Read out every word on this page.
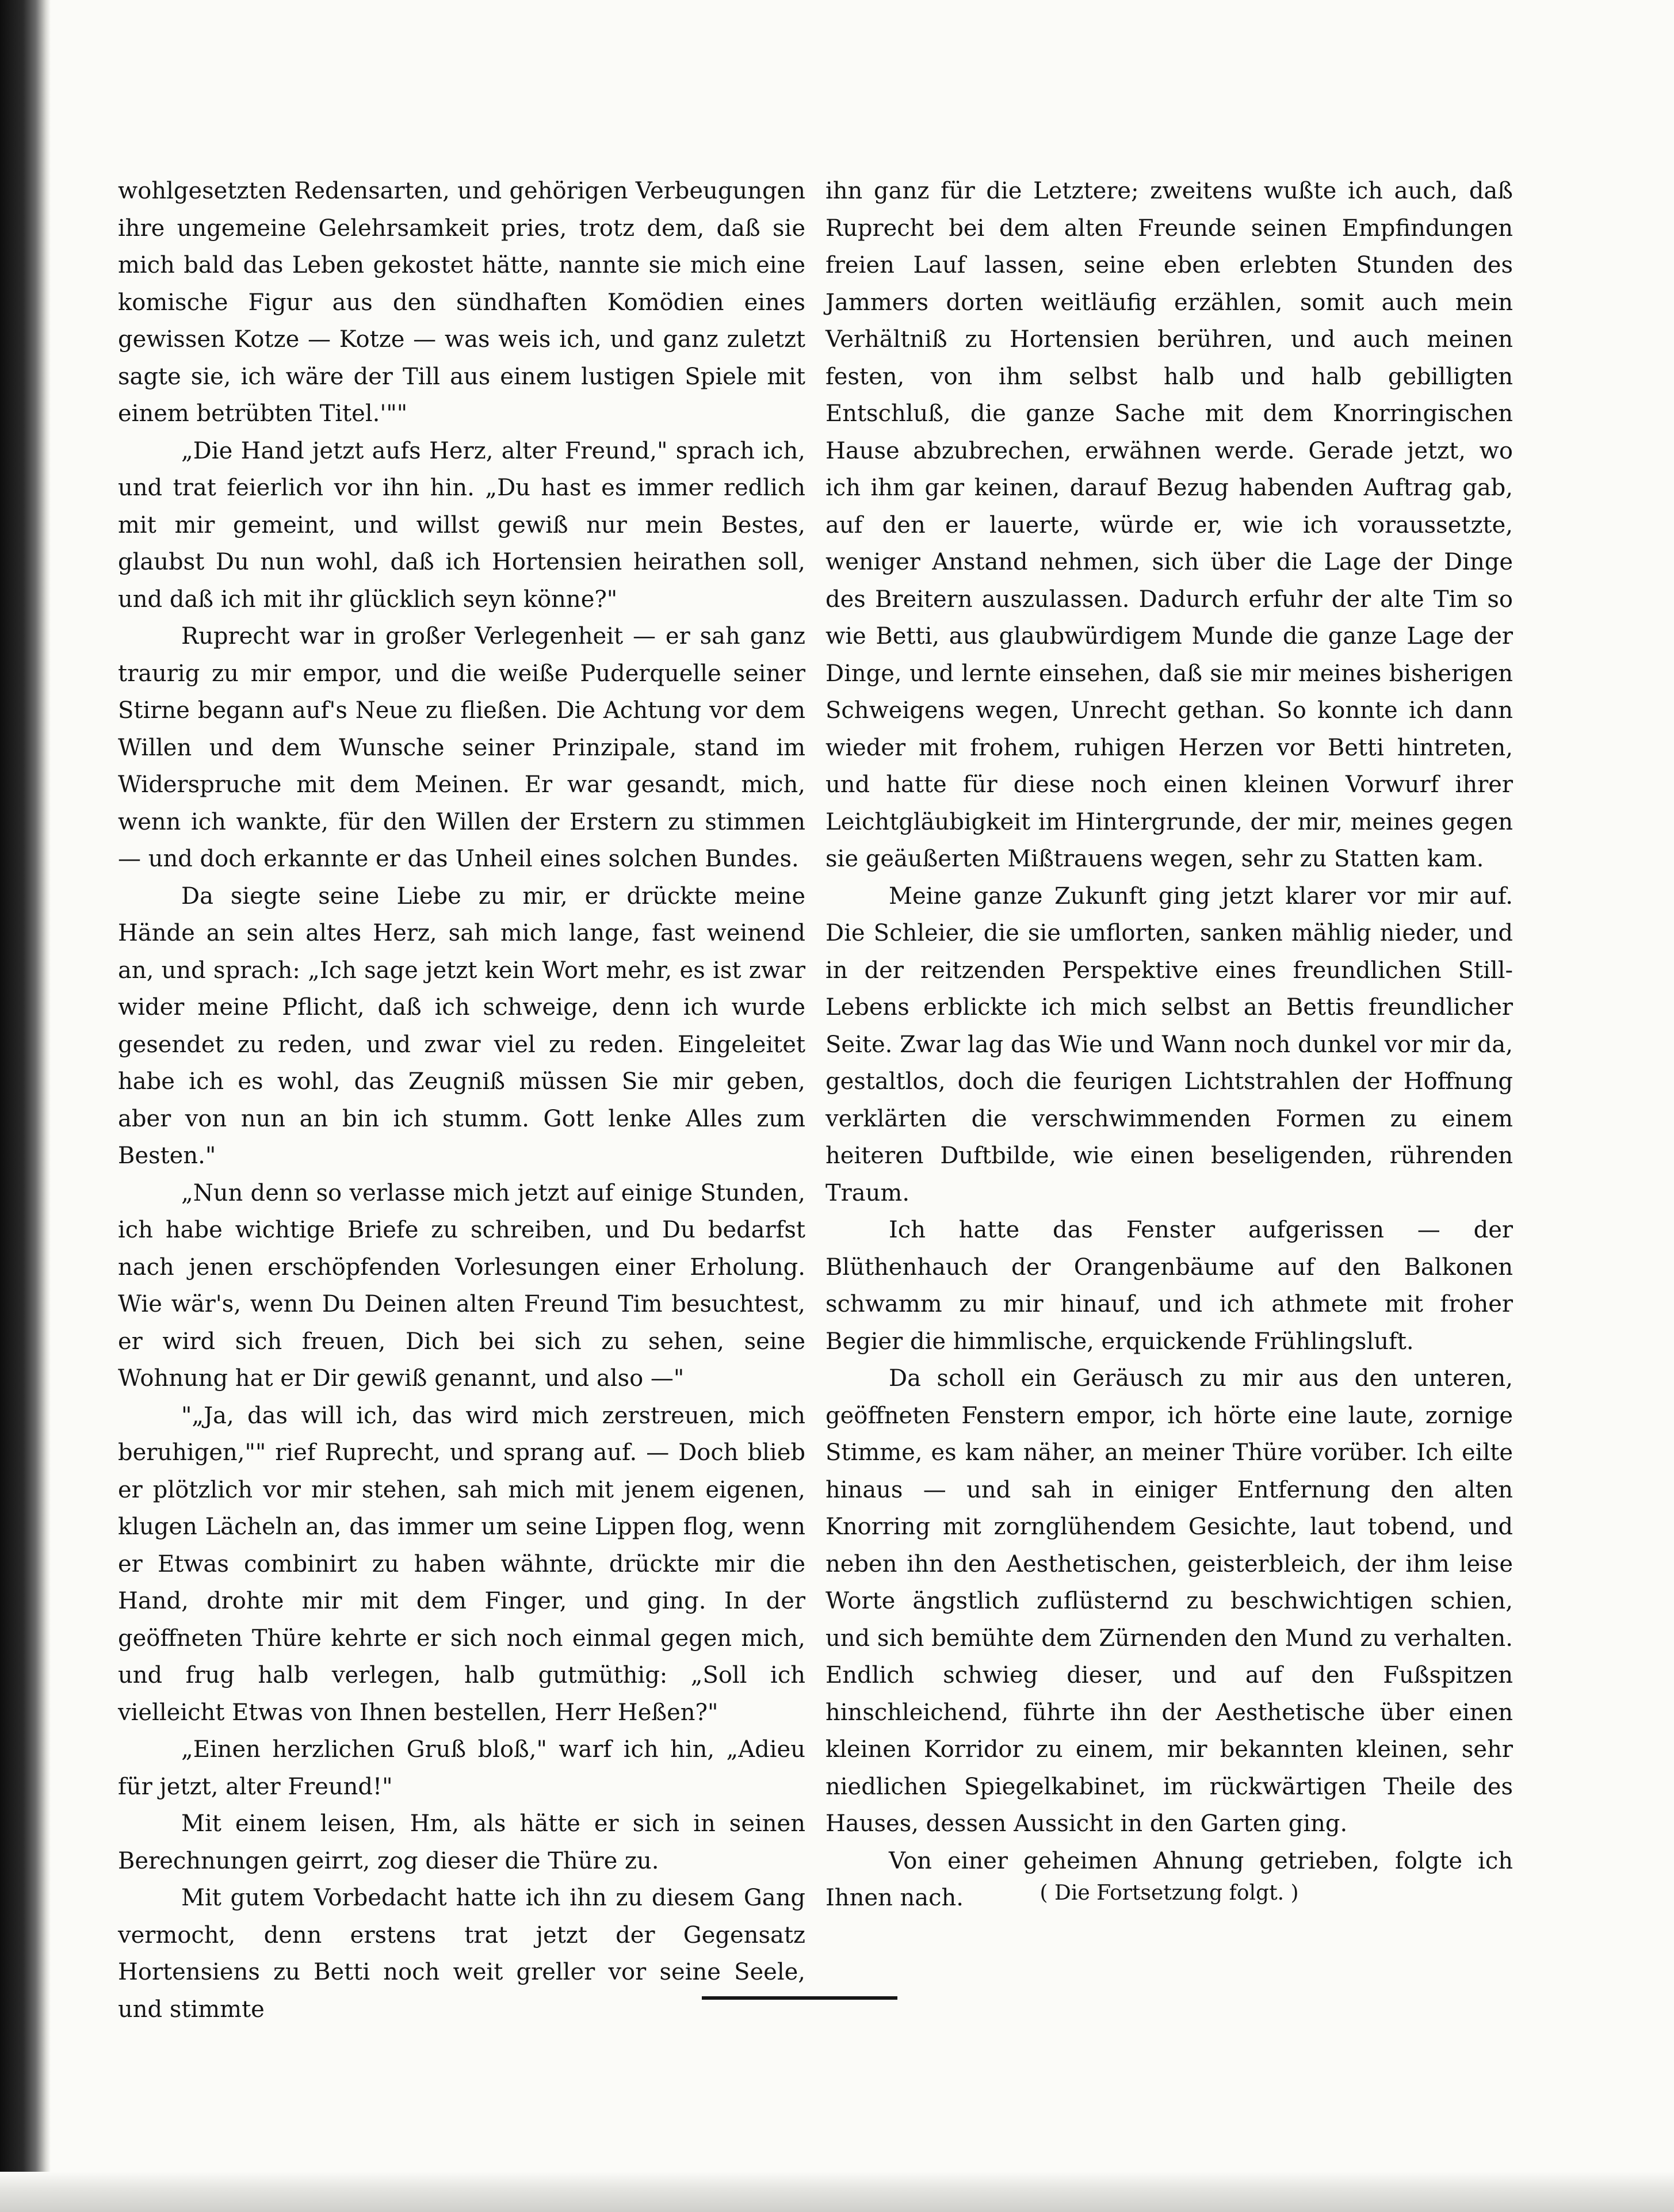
wohlgesetzten Redensarten, und gehörigen Verbeugungen ihre ungemeine Gelehrsamkeit pries, trotz dem, daß sie mich bald das Leben gekostet hätte, nannte sie mich eine komische Figur aus den sündhaften Komödien eines gewissen Kotze — Kotze — was weis ich, und ganz zuletzt sagte sie, ich wäre der Till aus einem lustigen Spiele mit einem betrübten Titel.'""

„Die Hand jetzt aufs Herz, alter Freund," sprach ich, und trat feierlich vor ihn hin. „Du hast es immer redlich mit mir gemeint, und willst gewiß nur mein Bestes, glaubst Du nun wohl, daß ich Hortensien heirathen soll, und daß ich mit ihr glücklich seyn könne?"

Ruprecht war in großer Verlegenheit — er sah ganz traurig zu mir empor, und die weiße Puderquelle seiner Stirne begann auf's Neue zu fließen. Die Achtung vor dem Willen und dem Wunsche seiner Prinzipale, stand im Widerspruche mit dem Meinen. Er war gesandt, mich, wenn ich wankte, für den Willen der Erstern zu stimmen — und doch erkannte er das Unheil eines solchen Bundes.

Da siegte seine Liebe zu mir, er drückte meine Hände an sein altes Herz, sah mich lange, fast weinend an, und sprach: „Ich sage jetzt kein Wort mehr, es ist zwar wider meine Pflicht, daß ich schweige, denn ich wurde gesendet zu reden, und zwar viel zu reden. Eingeleitet habe ich es wohl, das Zeugniß müssen Sie mir geben, aber von nun an bin ich stumm. Gott lenke Alles zum Besten."

„Nun denn so verlasse mich jetzt auf einige Stunden, ich habe wichtige Briefe zu schreiben, und Du bedarfst nach jenen erschöpfenden Vorlesungen einer Erholung. Wie wär's, wenn Du Deinen alten Freund Tim besuchtest, er wird sich freuen, Dich bei sich zu sehen, seine Wohnung hat er Dir gewiß genannt, und also —"

"„Ja, das will ich, das wird mich zerstreuen, mich beruhigen,"" rief Ruprecht, und sprang auf. — Doch blieb er plötzlich vor mir stehen, sah mich mit jenem eigenen, klugen Lächeln an, das immer um seine Lippen flog, wenn er Etwas combinirt zu haben wähnte, drückte mir die Hand, drohte mir mit dem Finger, und ging. In der geöffneten Thüre kehrte er sich noch einmal gegen mich, und frug halb verlegen, halb gutmüthig: „Soll ich vielleicht Etwas von Ihnen bestellen, Herr Heßen?"

„Einen herzlichen Gruß bloß," warf ich hin, „Adieu für jetzt, alter Freund!"

Mit einem leisen, Hm, als hätte er sich in seinen Berechnungen geirrt, zog dieser die Thüre zu.

Mit gutem Vorbedacht hatte ich ihn zu diesem Gang vermocht, denn erstens trat jetzt der Gegensatz Hortensiens zu Betti noch weit greller vor seine Seele, und stimmte

ihn ganz für die Letztere; zweitens wußte ich auch, daß Ruprecht bei dem alten Freunde seinen Empfindungen freien Lauf lassen, seine eben erlebten Stunden des Jammers dorten weitläufig erzählen, somit auch mein Verhältniß zu Hortensien berühren, und auch meinen festen, von ihm selbst halb und halb gebilligten Entschluß, die ganze Sache mit dem Knorringischen Hause abzubrechen, erwähnen werde. Gerade jetzt, wo ich ihm gar keinen, darauf Bezug habenden Auftrag gab, auf den er lauerte, würde er, wie ich voraussetzte, weniger Anstand nehmen, sich über die Lage der Dinge des Breitern auszulassen. Dadurch erfuhr der alte Tim so wie Betti, aus glaubwürdigem Munde die ganze Lage der Dinge, und lernte einsehen, daß sie mir meines bisherigen Schweigens wegen, Unrecht gethan. So konnte ich dann wieder mit frohem, ruhigen Herzen vor Betti hintreten, und hatte für diese noch einen kleinen Vorwurf ihrer Leichtgläubigkeit im Hintergrunde, der mir, meines gegen sie geäußerten Mißtrauens wegen, sehr zu Statten kam.

Meine ganze Zukunft ging jetzt klarer vor mir auf. Die Schleier, die sie umflorten, sanken mählig nieder, und in der reitzenden Perspektive eines freundlichen Still-Lebens erblickte ich mich selbst an Bettis freundlicher Seite. Zwar lag das Wie und Wann noch dunkel vor mir da, gestaltlos, doch die feurigen Lichtstrahlen der Hoffnung verklärten die verschwimmenden Formen zu einem heiteren Duftbilde, wie einen beseligenden, rührenden Traum.

Ich hatte das Fenster aufgerissen — der Blüthenhauch der Orangenbäume auf den Balkonen schwamm zu mir hinauf, und ich athmete mit froher Begier die himmlische, erquickende Frühlingsluft.

Da scholl ein Geräusch zu mir aus den unteren, geöffneten Fenstern empor, ich hörte eine laute, zornige Stimme, es kam näher, an meiner Thüre vorüber. Ich eilte hinaus — und sah in einiger Entfernung den alten Knorring mit zornglühendem Gesichte, laut tobend, und neben ihn den Aesthetischen, geisterbleich, der ihm leise Worte ängstlich zuflüsternd zu beschwichtigen schien, und sich bemühte dem Zürnenden den Mund zu verhalten. Endlich schwieg dieser, und auf den Fußspitzen hinschleichend, führte ihn der Aesthetische über einen kleinen Korridor zu einem, mir bekannten kleinen, sehr niedlichen Spiegelkabinet, im rückwärtigen Theile des Hauses, dessen Aussicht in den Garten ging.

Von einer geheimen Ahnung getrieben, folgte ich Ihnen nach.	( Die Fortsetzung folgt. )
